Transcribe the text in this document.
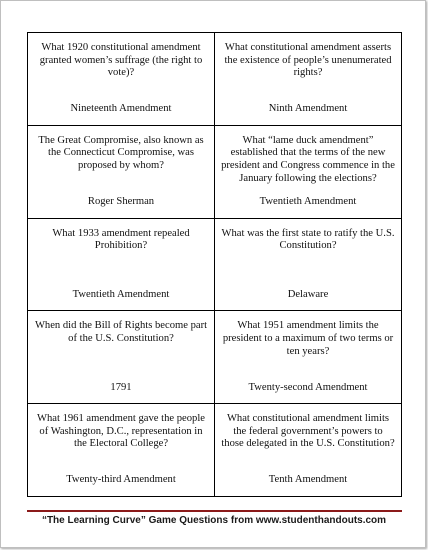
What 1920 constitutional amendment granted women’s suffrage (the right to vote)?

Nineteenth Amendment

What constitutional amendment asserts the existence of people’s unenumerated rights?

Ninth Amendment

The Great Compromise, also known as the Connecticut Compromise, was proposed by whom?

Roger Sherman

What “lame duck amendment” established that the terms of the new president and Congress commence in the January following the elections?

Twentieth Amendment

What 1933 amendment repealed Prohibition?

Twentieth Amendment

What was the first state to ratify the U.S. Constitution?

Delaware

When did the Bill of Rights become part of the U.S. Constitution?

1791

What 1951 amendment limits the president to a maximum of two terms or ten years?

Twenty-second Amendment

What 1961 amendment gave the people of Washington, D.C., representation in the Electoral College?

Twenty-third Amendment

What constitutional amendment limits the federal government’s powers to those delegated in the U.S. Constitution?

Tenth Amendment

“The Learning Curve” Game Questions from www.studenthandouts.com
